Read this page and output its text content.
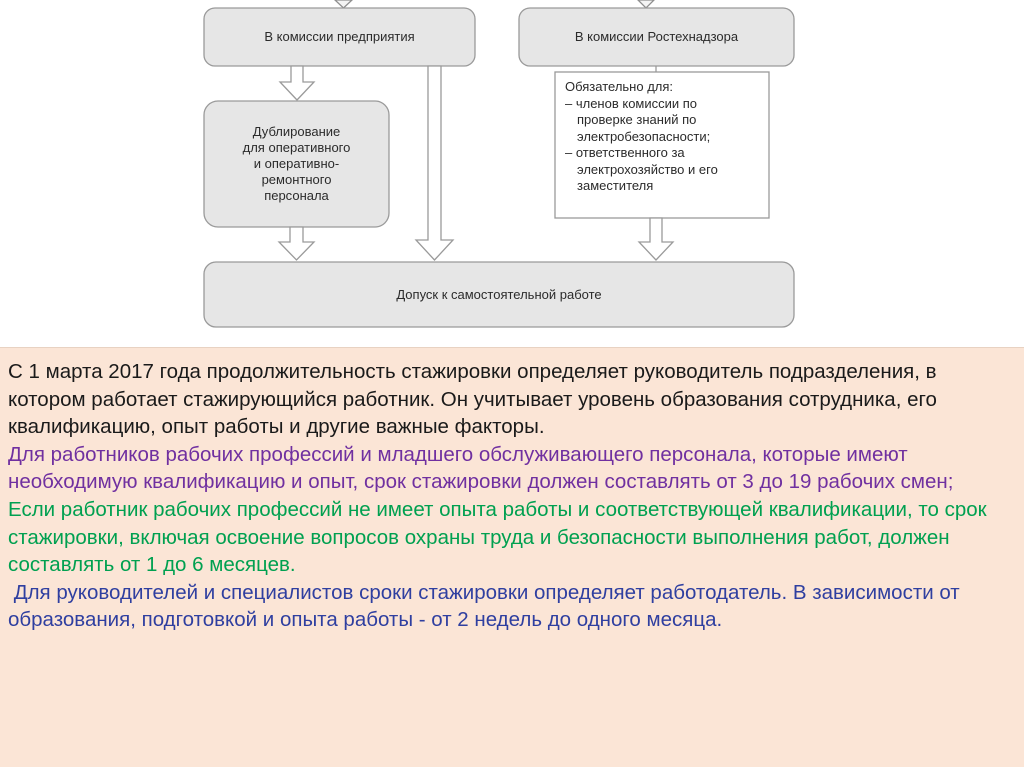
В комиссии предприятия	В комиссии Ростехнадзора
Дублирование
для оперативного
и оперативно-
ремонтного
персонала
Обязательно для:
– членов комиссии по
проверке знаний по
электробезопасности;
– ответственного за
электрохозяйство и его
заместителя
Допуск к самостоятельной работе

С 1 марта 2017 года продолжительность стажировки определяет руководитель подразделения, в котором работает стажирующийся работник. Он учитывает уровень образования сотрудника, его квалификацию, опыт работы и другие важные факторы.

Для работников рабочих профессий и младшего обслуживающего персонала, которые имеют необходимую квалификацию и опыт, срок стажировки должен составлять от 3 до 19 рабочих смен;

Если работник рабочих профессий не имеет опыта работы и соответствующей квалификации, то срок стажировки, включая освоение вопросов охраны труда и безопасности выполнения работ, должен составлять от 1 до 6 месяцев.

Для руководителей и специалистов сроки стажировки определяет работодатель. В зависимости от  образования, подготовкой и опыта работы - от 2 недель до одного месяца.
